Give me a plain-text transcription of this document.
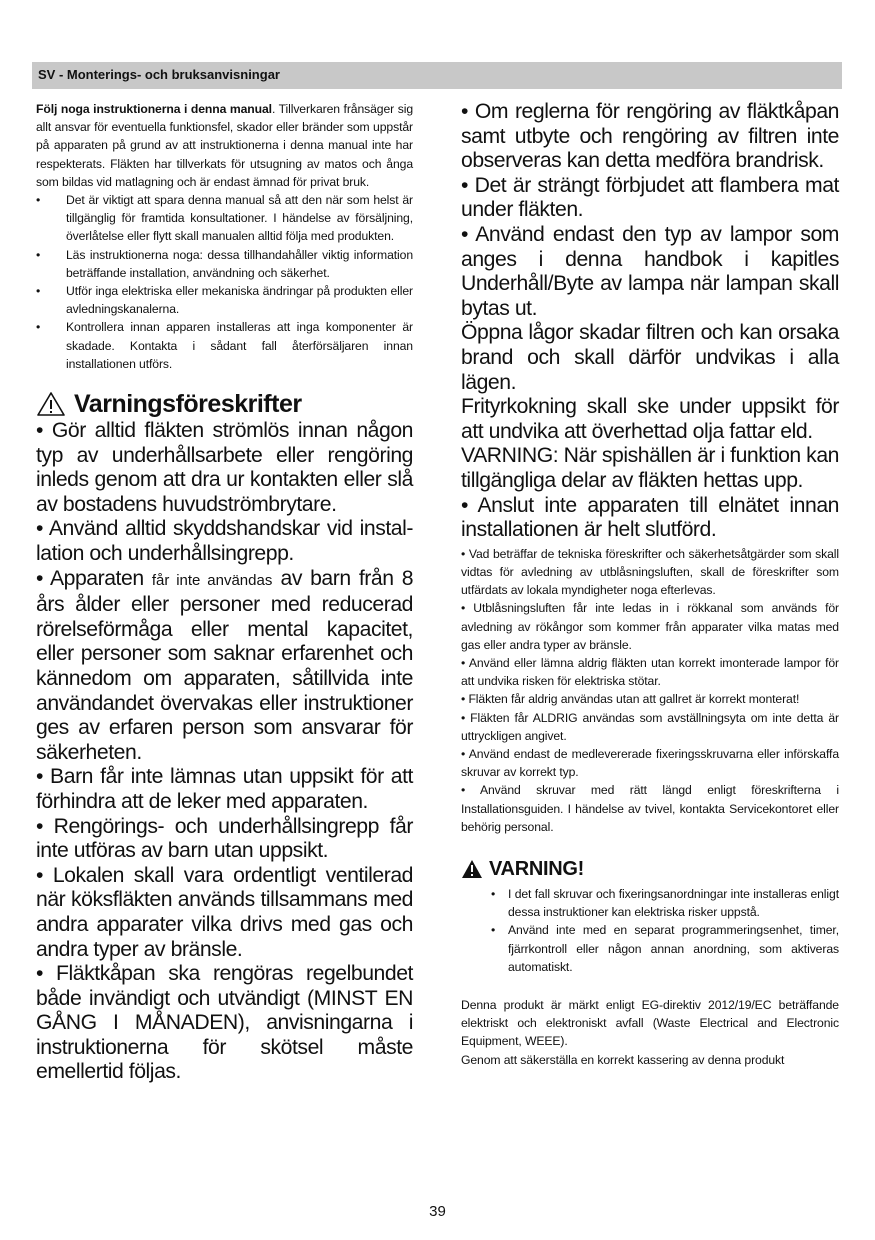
SV - Monterings- och bruksanvisningar

Följ noga instruktionerna i denna manual. Tillverkaren frånsäger sig allt ansvar för eventuella funktionsfel, skador eller bränder som uppstår på apparaten på grund av att instruktionerna i denna manual inte har respekterats. Fläkten har tillverkats för utsugning av matos och ånga som bildas vid matlagning och är endast ämnad för privat bruk.

• Det är viktigt att spara denna manual så att den när som helst är tillgänglig för framtida konsultationer. I händelse av försäljning, överlåtelse eller flytt skall manualen alltid följa med produkten.
• Läs instruktionerna noga: dessa tillhandahåller viktig information beträffande installation, användning och säkerhet.
• Utför inga elektriska eller mekaniska ändringar på produkten eller avledningskanalerna.
• Kontrollera innan apparen installeras att inga komponenter är skadade. Kontakta i sådant fall återförsäljaren innan installationen utförs.
Varningsföreskrifter

• Gör alltid fläkten strömlös innan någon typ av underhållsarbete eller rengöring inleds genom att dra ur kontakten eller slå av bostadens huvudströmbrytare.

• Använd alltid skyddshandskar vid instal-lation och underhållsingrepp.

• Apparaten får inte användas av barn från 8 års ålder eller personer med reducerad rörelseförmåga eller mental kapacitet, eller personer som saknar erfarenhet och kännedom om apparaten, såtillvida inte användandet övervakas eller instruktioner ges av erfaren person som ansvarar för säkerheten.

• Barn får inte lämnas utan uppsikt för att förhindra att de leker med apparaten.

• Rengörings- och underhållsingrepp får inte utföras av barn utan uppsikt.

• Lokalen skall vara ordentligt ventilerad när köksfläkten används tillsammans med andra apparater vilka drivs med gas och andra typer av bränsle.

• Fläktkåpan ska rengöras regelbundet både invändigt och utvändigt (MINST EN GÅNG I MÅNADEN), anvisningarna i instruktionerna för skötsel måste emellertid följas.

• Om reglerna för rengöring av fläktkåpan samt utbyte och rengöring av filtren inte observeras kan detta medföra brandrisk.

• Det är strängt förbjudet att flambera mat under fläkten.

• Använd endast den typ av lampor som anges i denna handbok i kapitles Underhåll/Byte av lampa när lampan skall bytas ut.

Öppna lågor skadar filtren och kan orsaka brand och skall därför undvikas i alla lägen.

Frityrkokning skall ske under uppsikt för att undvika att överhettad olja fattar eld.

VARNING: När spishällen är i funktion kan tillgängliga delar av fläkten hettas upp.

• Anslut inte apparaten till elnätet innan installationen är helt slutförd.

• Vad beträffar de tekniska föreskrifter och säkerhetsåtgärder som skall vidtas för avledning av utblåsningsluften, skall de föreskrifter som utfärdats av lokala myndigheter noga efterlevas.

• Utblåsningsluften får inte ledas in i rökkanal som används för avledning av rökångor som kommer från apparater vilka matas med gas eller andra typer av bränsle.

• Använd eller lämna aldrig fläkten utan korrekt imonterade lampor för att undvika risken för elektriska stötar.

• Fläkten får aldrig användas utan att gallret är korrekt monterat!

• Fläkten får ALDRIG användas som avställningsyta om inte detta är uttryckligen angivet.

• Använd endast de medlevererade fixeringsskruvarna eller införskaffa skruvar av korrekt typ.

• Använd skruvar med rätt längd enligt föreskrifterna i Installationsguiden. I händelse av tvivel, kontakta Servicekontoret eller behörig personal.

VARNING!
• I det fall skruvar och fixeringsanordningar inte installeras enligt dessa instruktioner kan elektriska risker uppstå.
• Använd inte med en separat programmeringsenhet, timer, fjärrkontroll eller någon annan anordning, som aktiveras automatiskt.

Denna produkt är märkt enligt EG-direktiv 2012/19/EC beträffande elektriskt och elektroniskt avfall (Waste Electrical and Electronic Equipment, WEEE).

Genom att säkerställa en korrekt kassering av denna produkt

39
